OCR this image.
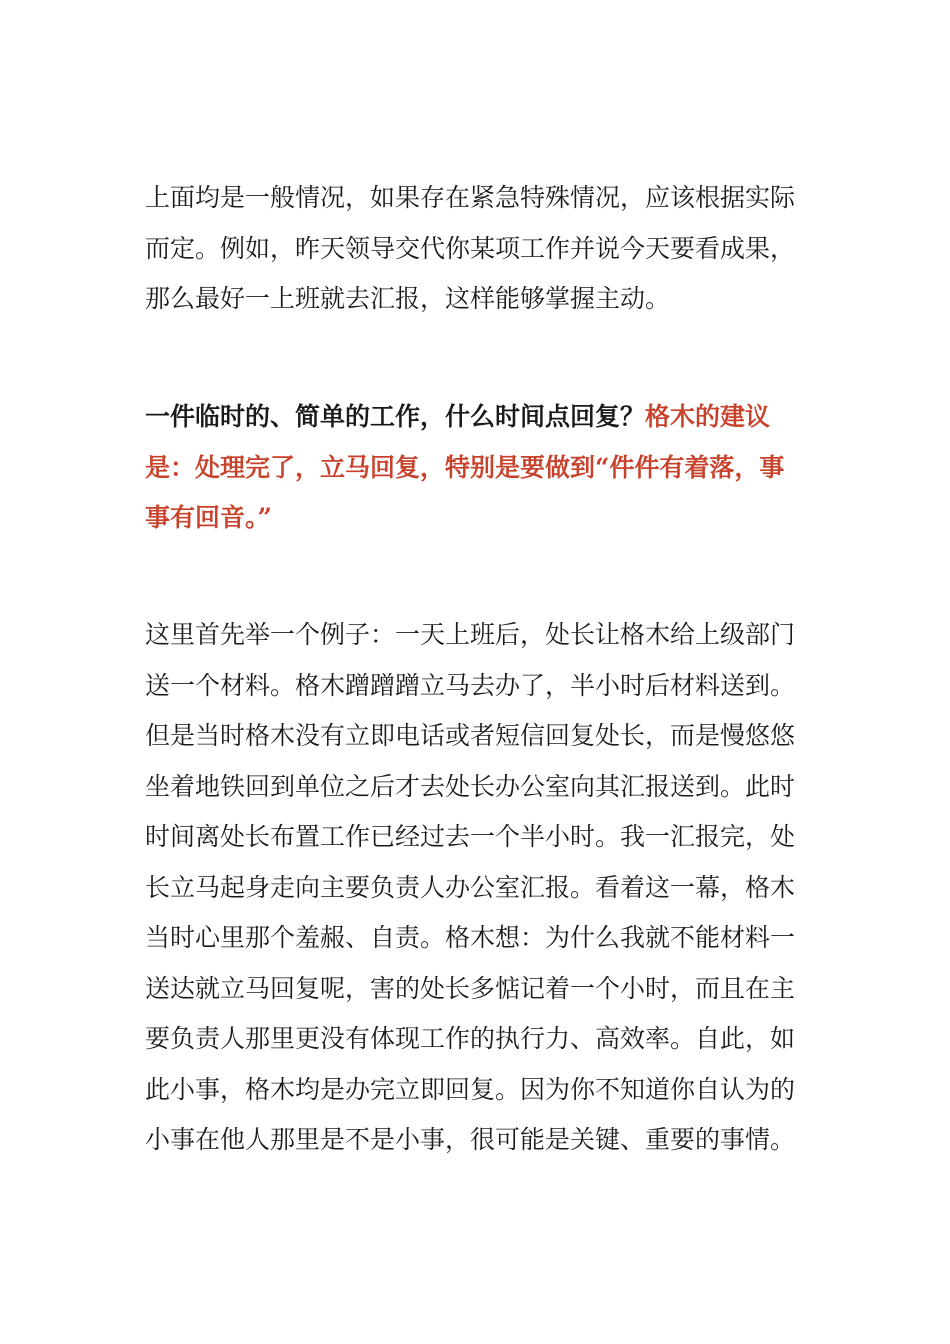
上面均是一般情况，如果存在紧急特殊情况，应该根据实际而定。例如，昨天领导交代你某项工作并说今天要看成果，那么最好一上班就去汇报，这样能够掌握主动。

一件临时的、简单的工作，什么时间点回复？格木的建议是：处理完了，立马回复，特别是要做到“件件有着落，事事有回音。”

这里首先举一个例子：一天上班后，处长让格木给上级部门送一个材料。格木蹭蹭蹭立马去办了，半小时后材料送到。但是当时格木没有立即电话或者短信回复处长，而是慢悠悠坐着地铁回到单位之后才去处长办公室向其汇报送到。此时时间离处长布置工作已经过去一个半小时。我一汇报完，处长立马起身走向主要负责人办公室汇报。看着这一幕，格木当时心里那个羞赧、自责。格木想：为什么我就不能材料一送达就立马回复呢，害的处长多惦记着一个小时，而且在主要负责人那里更没有体现工作的执行力、高效率。自此，如此小事，格木均是办完立即回复。因为你不知道你自认为的小事在他人那里是不是小事，很可能是关键、重要的事情。
